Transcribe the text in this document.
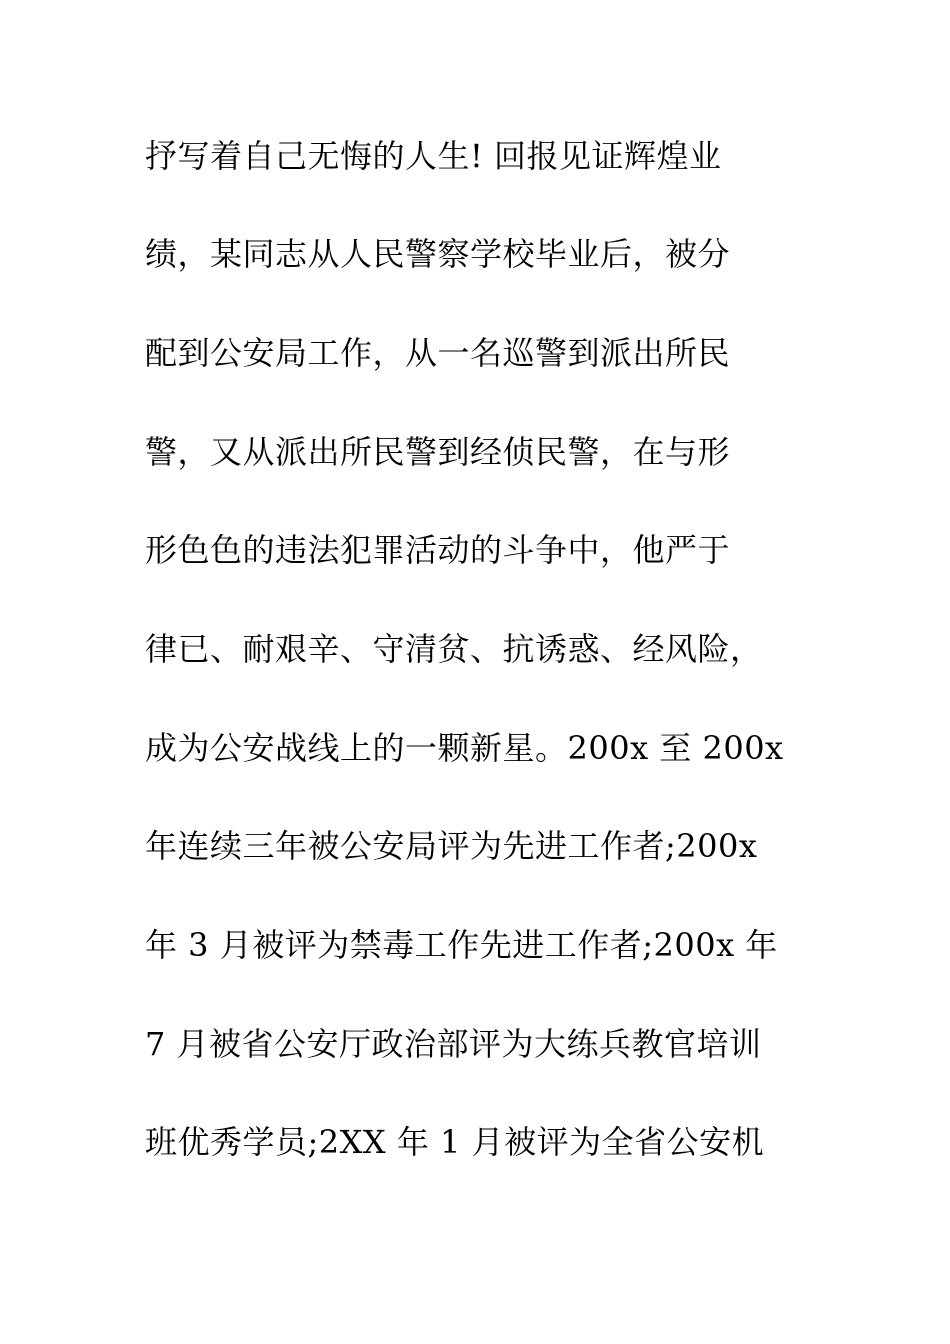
抒写着自己无悔的人生! 回报见证辉煌业
绩，某同志从人民警察学校毕业后，被分
配到公安局工作，从一名巡警到派出所民
警，又从派出所民警到经侦民警，在与形
形色色的违法犯罪活动的斗争中，他严于
律已、耐艰辛、守清贫、抗诱惑、经风险，
成为公安战线上的一颗新星。200x 至 200x
年连续三年被公安局评为先进工作者;200x
年 3 月被评为禁毒工作先进工作者;200x 年
7 月被省公安厅政治部评为大练兵教官培训
班优秀学员;2XX 年 1 月被评为全省公安机
